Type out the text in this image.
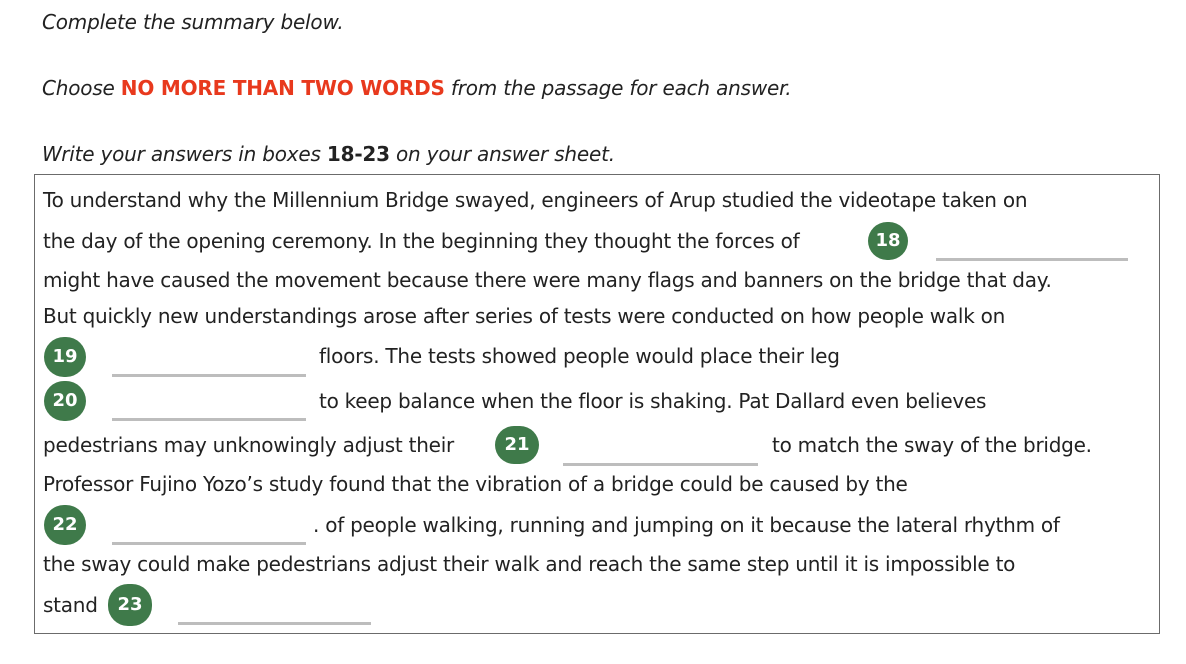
Complete the summary below.
Choose NO MORE THAN TWO WORDS from the passage for each answer.
Write your answers in boxes 18-23 on your answer sheet.
To understand why the Millennium Bridge swayed, engineers of Arup studied the videotape taken on
the day of the opening ceremony. In the beginning they thought the forces of	18
might have caused the movement because there were many flags and banners on the bridge that day.
But quickly new understandings arose after series of tests were conducted on how people walk on
19	floors. The tests showed people would place their leg
20	to keep balance when the floor is shaking. Pat Dallard even believes
pedestrians may unknowingly adjust their	21	to match the sway of the bridge.
Professor Fujino Yozo’s study found that the vibration of a bridge could be caused by the
22	. of people walking, running and jumping on it because the lateral rhythm of
the sway could make pedestrians adjust their walk and reach the same step until it is impossible to
stand	23
